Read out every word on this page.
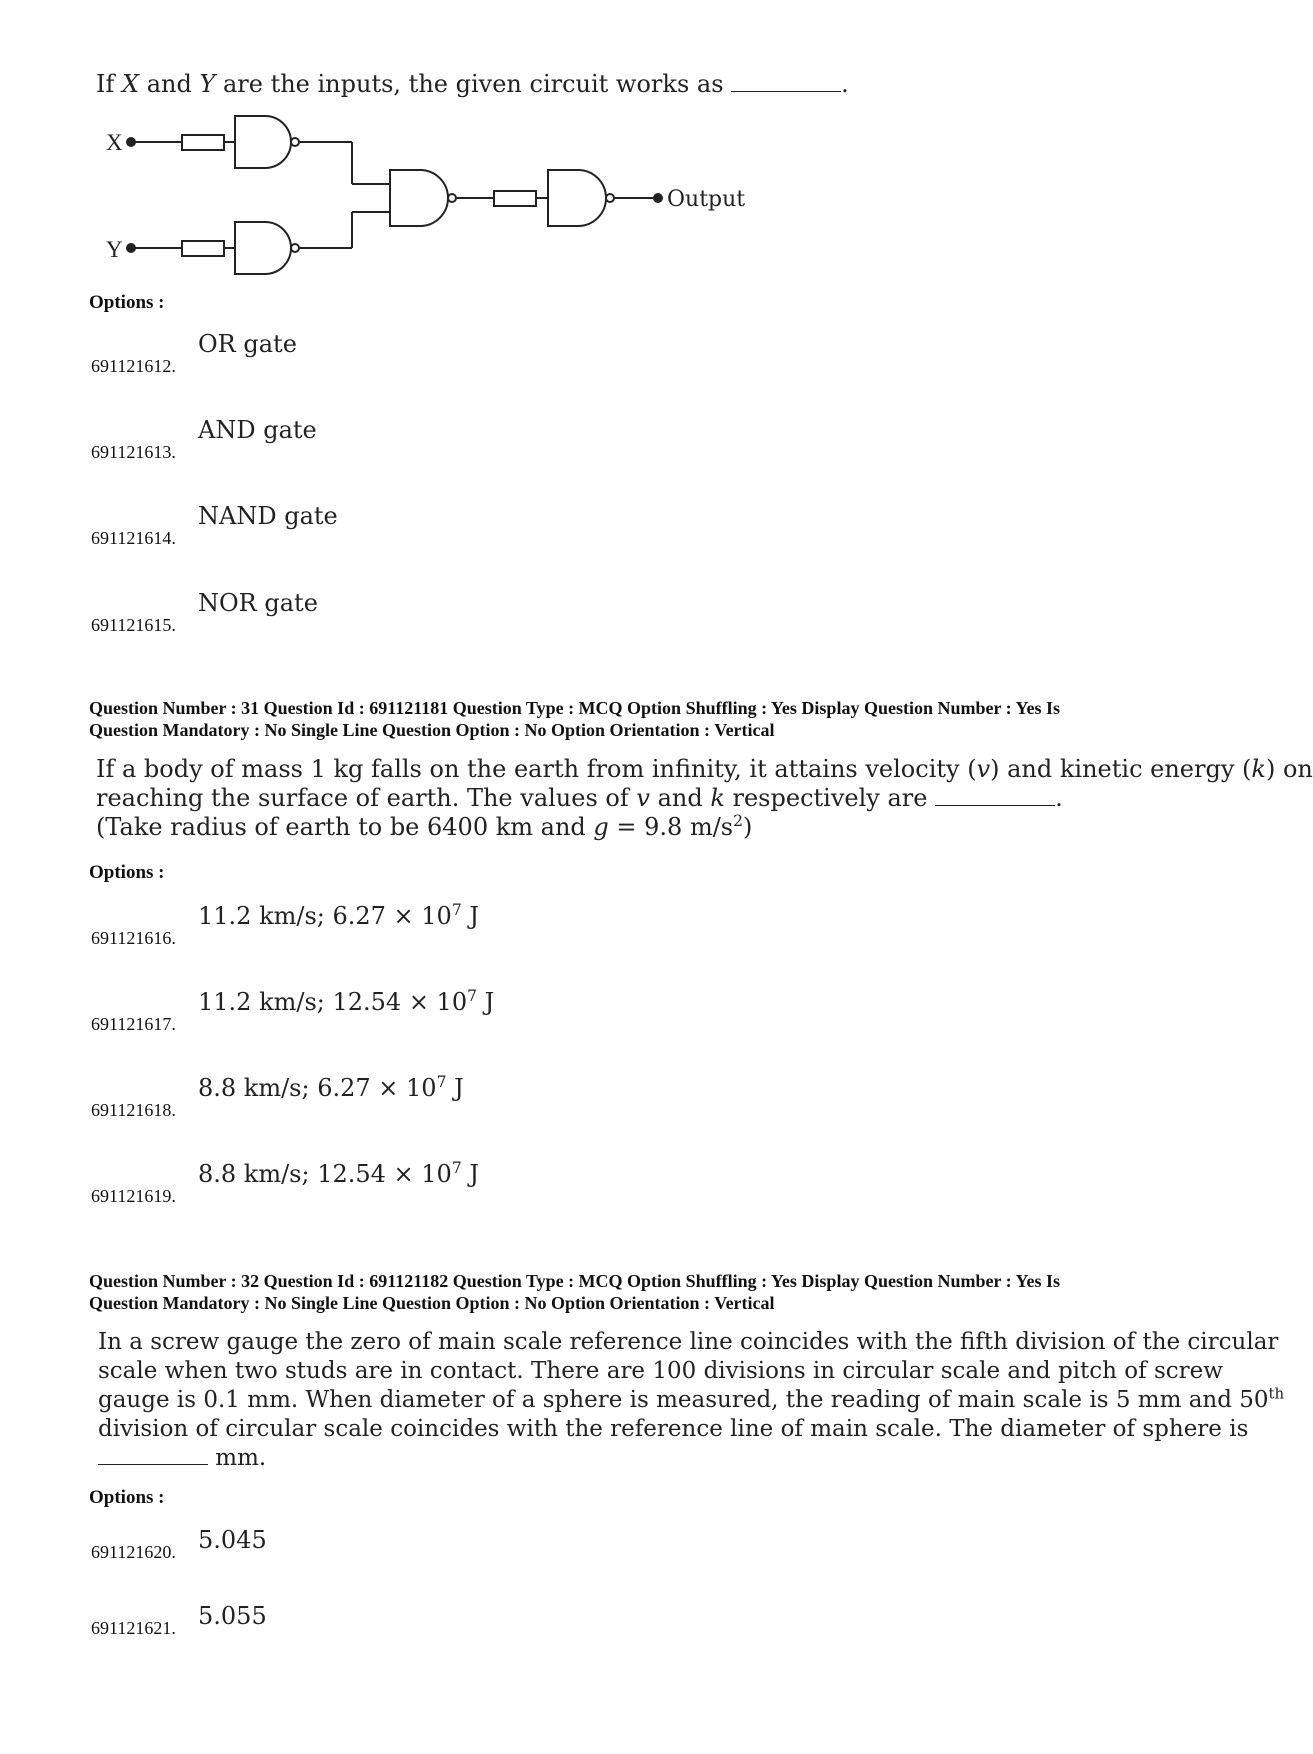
If X and Y are the inputs, the given circuit works as	.
X
Y
Output
Options :
OR gate
691121612.
AND gate
691121613.
NAND gate
691121614.
NOR gate
691121615.
Question Number : 31 Question Id : 691121181 Question Type : MCQ Option Shuffling : Yes Display Question Number : Yes Is
Question Mandatory : No Single Line Question Option : No Option Orientation : Vertical
If a body of mass 1 kg falls on the earth from infinity, it attains velocity (v) and kinetic energy (k) on
reaching the surface of earth. The values of v and k respectively are	.
(Take radius of earth to be 6400 km and g = 9.8 $m/s^2$)
Options :
11.2 km/s; $6.27 \times 10^7$ J
691121616.
11.2 km/s; $12.54 \times 10^7$ J
691121617.
8.8 km/s; $6.27 \times 10^7$ J
691121618.
8.8 km/s; $12.54 \times 10^7$ J
691121619.
Question Number : 32 Question Id : 691121182 Question Type : MCQ Option Shuffling : Yes Display Question Number : Yes Is
Question Mandatory : No Single Line Question Option : No Option Orientation : Vertical
In a screw gauge the zero of main scale reference line coincides with the fifth division of the circular
scale when two studs are in contact. There are 100 divisions in circular scale and pitch of screw
gauge is 0.1 mm. When diameter of a sphere is measured, the reading of main scale is 5 mm and 50th
division of circular scale coincides with the reference line of main scale. The diameter of sphere is
mm.
Options :
5.045
691121620.
5.055
691121621.
